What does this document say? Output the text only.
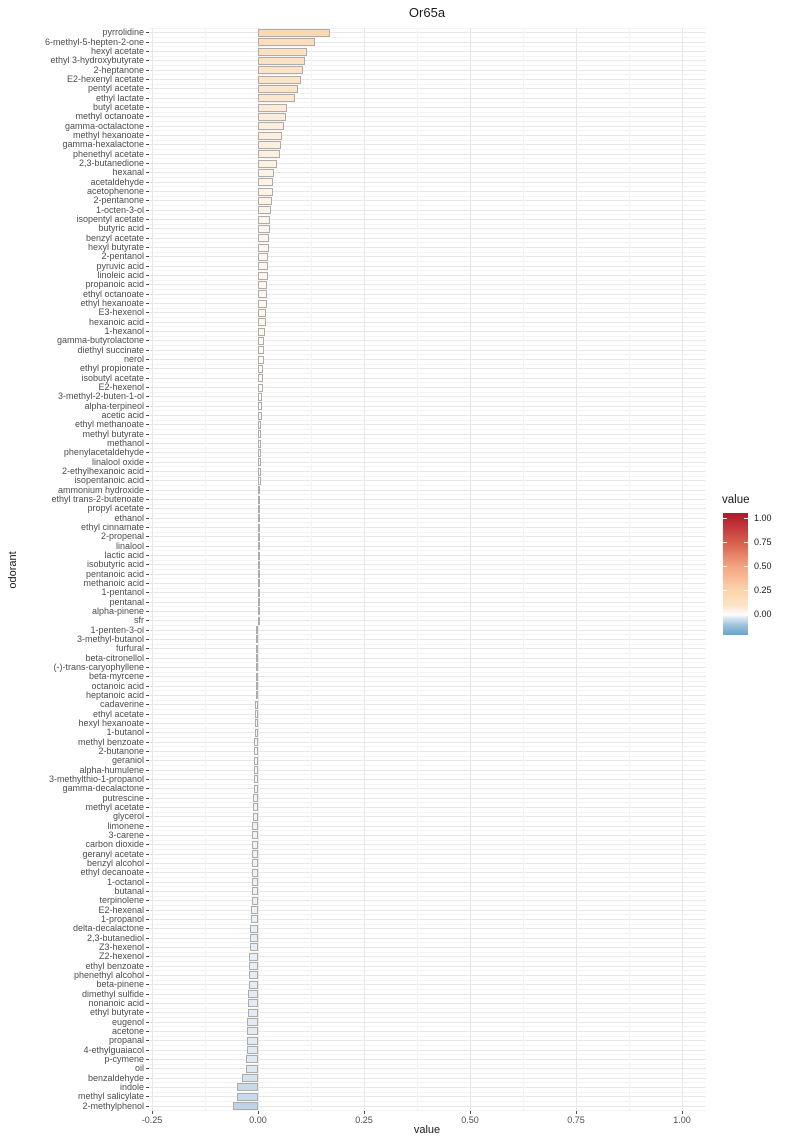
Or65a
pyrrolidine
6-methyl-5-hepten-2-one
hexyl acetate
ethyl 3-hydroxybutyrate
2-heptanone
E2-hexenyl acetate
pentyl acetate
ethyl lactate
butyl acetate
methyl octanoate
gamma-octalactone
methyl hexanoate
gamma-hexalactone
phenethyl acetate
2,3-butanedione
hexanal
acetaldehyde
acetophenone
2-pentanone
1-octen-3-ol
isopentyl acetate
butyric acid
benzyl acetate
hexyl butyrate
2-pentanol
pyruvic acid
linoleic acid
propanoic acid
ethyl octanoate
ethyl hexanoate
E3-hexenol
hexanoic acid
1-hexanol
gamma-butyrolactone
diethyl succinate
nerol
ethyl propionate
isobutyl acetate
E2-hexenol
3-methyl-2-buten-1-ol
alpha-terpineol
acetic acid
ethyl methanoate
methyl butyrate
methanol
phenylacetaldehyde
linalool oxide
2-ethylhexanoic acid
isopentanoic acid
ammonium hydroxide
ethyl trans-2-butenoate
propyl acetate
ethanol
ethyl cinnamate
2-propenal
linalool
lactic acid
isobutyric acid
pentanoic acid
methanoic acid
1-pentanol
pentanal
alpha-pinene
sfr
1-penten-3-ol
3-methyl-butanol
furfural
beta-citronellol
(-)-trans-caryophyllene
beta-myrcene
octanoic acid
heptanoic acid
cadaverine
ethyl acetate
hexyl hexanoate
1-butanol
methyl benzoate
2-butanone
geraniol
alpha-humulene
3-methylthio-1-propanol
gamma-decalactone
putrescine
methyl acetate
glycerol
limonene
3-carene
carbon dioxide
geranyl acetate
benzyl alcohol
ethyl decanoate
1-octanol
butanal
terpinolene
E2-hexenal
1-propanol
delta-decalactone
2,3-butanediol
Z3-hexenol
Z2-hexenol
ethyl benzoate
phenethyl alcohol
beta-pinene
dimethyl sulfide
nonanoic acid
ethyl butyrate
eugenol
acetone
propanal
4-ethylguaiacol
p-cymene
oil
benzaldehyde
indole
methyl salicylate
2-methylphenol
-0.25	0.00	0.25	0.50	0.75	1.00
value
odorant
value
1.00
0.75
0.50
0.25
0.00
